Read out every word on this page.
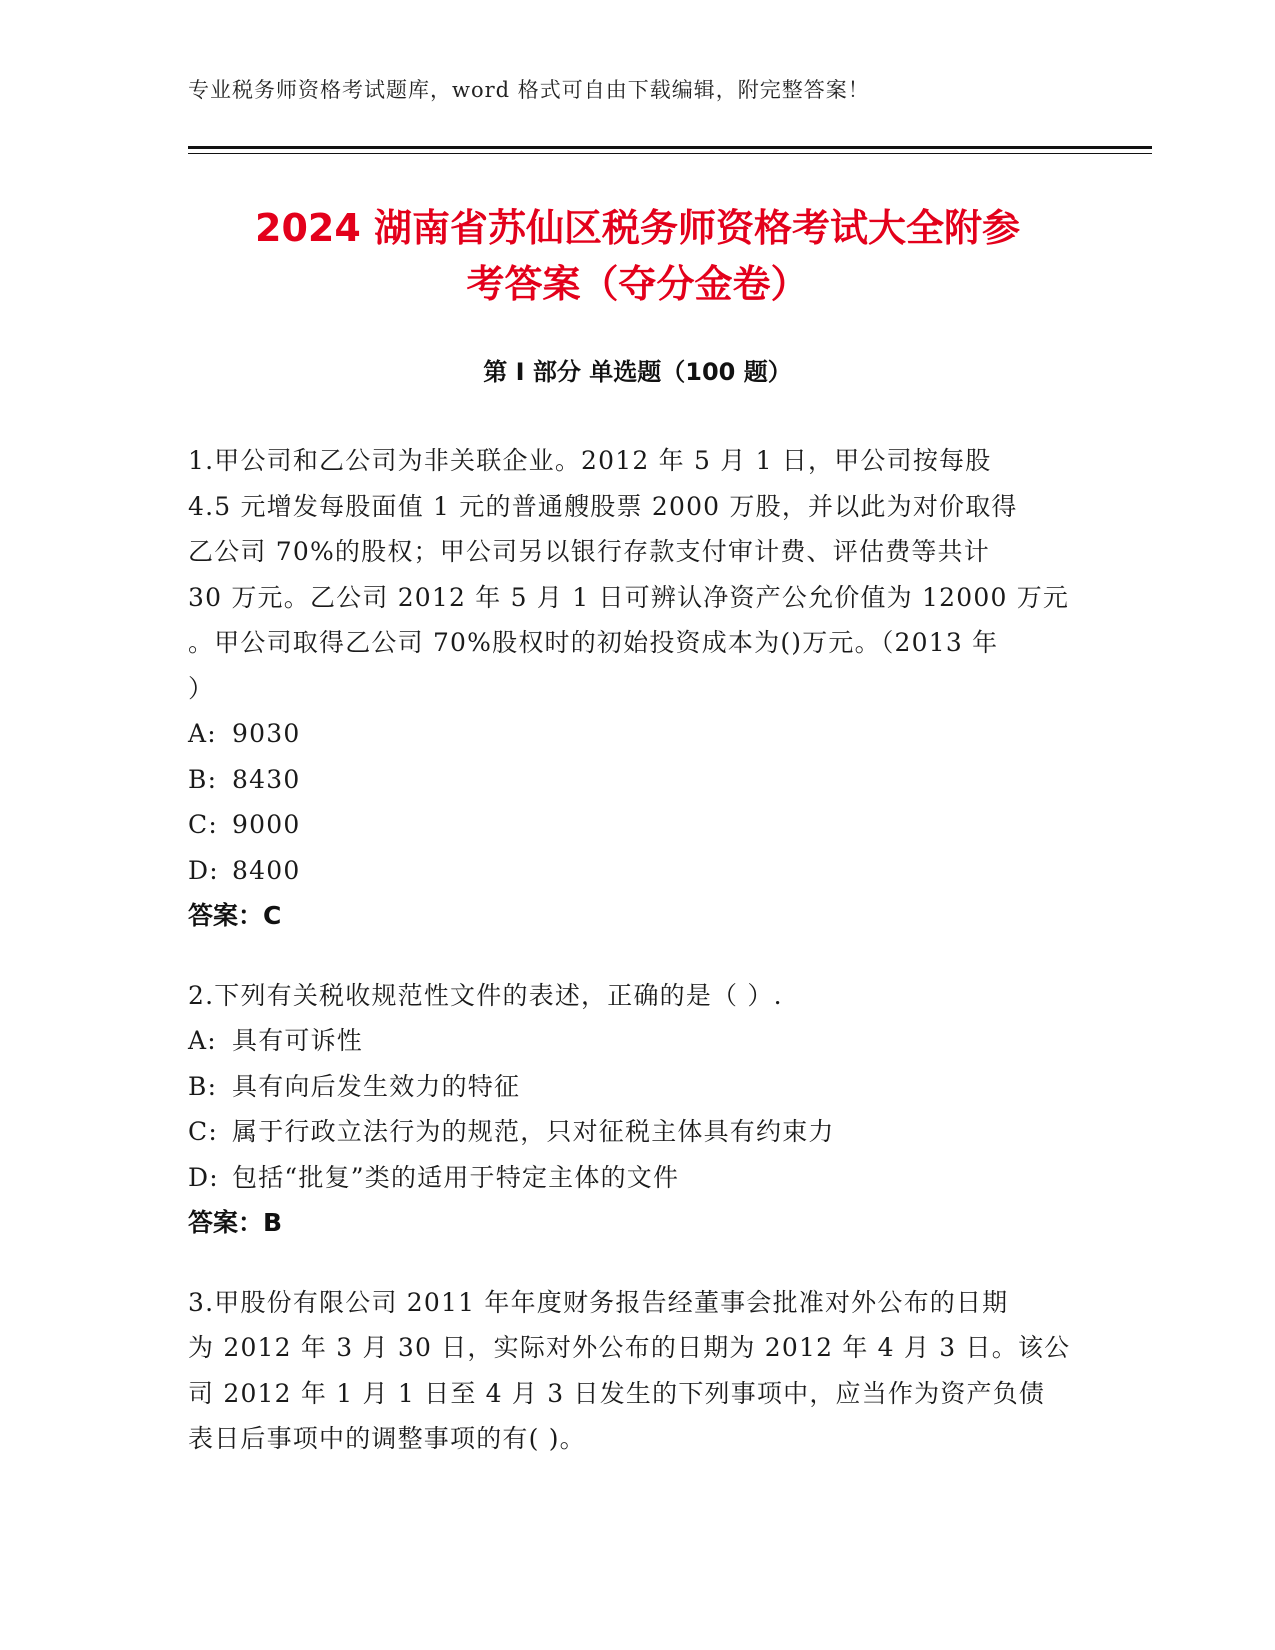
专业税务师资格考试题库，word 格式可自由下载编辑，附完整答案！
2024 湖南省苏仙区税务师资格考试大全附参
考答案（夺分金卷）
第 I 部分 单选题（100 题）

1.甲公司和乙公司为非关联企业。2012 年 5 月 1 日，甲公司按每股
4.5 元增发每股面值 1 元的普通艘股票 2000 万股，并以此为对价取得
乙公司 70%的股权；甲公司另以银行存款支付审计费、评估费等共计
30 万元。乙公司 2012 年 5 月 1 日可辨认净资产公允价值为 12000 万元
。甲公司取得乙公司 70%股权时的初始投资成本为()万元。（2013 年
）

A: 9030

B: 8430

C: 9000

D: 8400

答案：C

2.下列有关税收规范性文件的表述，正确的是（ ）.

A: 具有可诉性

B: 具有向后发生效力的特征

C: 属于行政立法行为的规范，只对征税主体具有约束力

D: 包括“批复”类的适用于特定主体的文件

答案：B

3.甲股份有限公司 2011 年年度财务报告经董事会批准对外公布的日期
为 2012 年 3 月 30 日，实际对外公布的日期为 2012 年 4 月 3 日。该公
司 2012 年 1 月 1 日至 4 月 3 日发生的下列事项中，应当作为资产负债
表日后事项中的调整事项的有( )。
